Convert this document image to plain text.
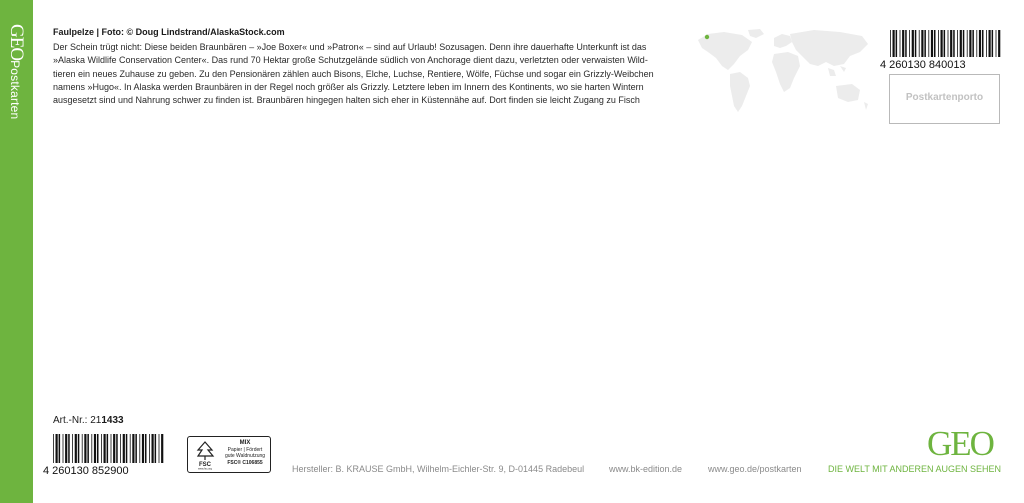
GEOPostkarten
Faulpelze | Foto: © Doug Lindstrand/AlaskaStock.com
Der Schein trügt nicht: Diese beiden Braunbären – »Joe Boxer« und »Patron« – sind auf Urlaub! Sozusagen. Denn ihre dauerhafte Unterkunft ist das
»Alaska Wildlife Conservation Center«. Das rund 70 Hektar große Schutzgelände südlich von Anchorage dient dazu, verletzten oder verwaisten Wild-
tieren ein neues Zuhause zu geben. Zu den Pensionären zählen auch Bisons, Elche, Luchse, Rentiere, Wölfe, Füchse und sogar ein Grizzly-Weibchen
namens »Hugo«. In Alaska werden Braunbären in der Regel noch größer als Grizzly. Letztere leben im Innern des Kontinents, wo sie harten Wintern
ausgesetzt sind und Nahrung schwer zu finden ist. Braunbären hingegen halten sich eher in Küstennähe auf. Dort finden sie leicht Zugang zu Fisch
4 260130 840013
Postkartenporto
Art.-Nr.: 211433
4 260130 852900	FSC
www.fsc.org
MIX
Papier | Fördert
gute Waldnutzung
FSC® C106855
Hersteller: B. KRAUSE GmbH, Wilhelm-Eichler-Str. 9, D-01445 Radebeul	www.bk-edition.de	www.geo.de/postkarten
GEO
DIE WELT MIT ANDEREN AUGEN SEHEN
